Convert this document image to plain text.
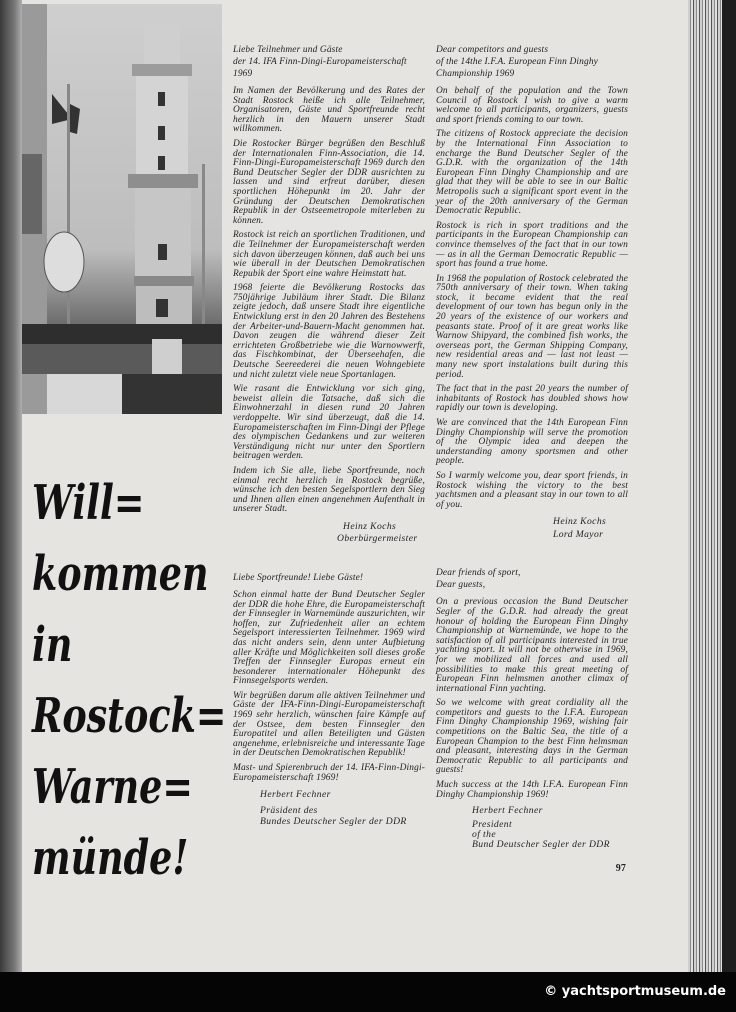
Will=
kommen
in
Rostock=
Warne=
münde!

Liebe Teilnehmer und Gäste
der 14. IFA Finn-Dingi-Europameisterschaft 1969

Im Namen der Bevölkerung und des Rates der Stadt Rostock heiße ich alle Teilnehmer, Organisatoren, Gäste und Sportfreunde recht herzlich in den Mauern unserer Stadt willkommen.

Die Rostocker Bürger begrüßen den Beschluß der Internationalen Finn-Association, die 14. Finn-Dingi-Europameisterschaft 1969 durch den Bund Deutscher Segler der DDR ausrichten zu lassen und sind erfreut darüber, diesen sportlichen Höhepunkt im 20. Jahr der Gründung der Deutschen Demokratischen Republik in der Ostseemetropole miterleben zu können.

Rostock ist reich an sportlichen Traditionen, und die Teilnehmer der Europameisterschaft werden sich davon überzeugen können, daß auch bei uns wie überall in der Deutschen Demokratischen Repubik der Sport eine wahre Heimstatt hat.

1968 feierte die Bevölkerung Rostocks das 750jährige Jubiläum ihrer Stadt. Die Bilanz zeigte jedoch, daß unsere Stadt ihre eigentliche Entwicklung erst in den 20 Jahren des Bestehens der Arbeiter-und-Bauern-Macht genommen hat. Davon zeugen die während dieser Zeit errichteten Großbetriebe wie die Warnowwerft, das Fischkombinat, der Überseehafen, die Deutsche Seereederei die neuen Wohngebiete und nicht zuletzt viele neue Sportanlagen.

Wie rasant die Entwicklung vor sich ging, beweist allein die Tatsache, daß sich die Einwohnerzahl in diesen rund 20 Jahren verdoppelte. Wir sind überzeugt, daß die 14. Europameisterschaften im Finn-Dingi der Pflege des olympischen Gedankens und zur weiteren Verständigung nicht nur unter den Sportlern beitragen werden.

Indem ich Sie alle, liebe Sportfreunde, noch einmal recht herzlich in Rostock begrüße, wünsche ich den besten Segelsportlern den Sieg und Ihnen allen einen angenehmen Aufenthalt in unserer Stadt.

Heinz Kochs
Oberbürgermeister

Liebe Sportfreunde! Liebe Gäste!

Schon einmal hatte der Bund Deutscher Segler der DDR die hohe Ehre, die Europameisterschaft der Finnsegler in Warnemünde auszurichten, wir hoffen, zur Zufriedenheit aller an echtem Segelsport interessierten Teilnehmer. 1969 wird das nicht anders sein, denn unter Aufbietung aller Kräfte und Möglichkeiten soll dieses große Treffen der Finnsegler Europas erneut ein besonderer internationaler Höhepunkt des Finnsegelsports werden.

Wir begrüßen darum alle aktiven Teilnehmer und Gäste der IFA-Finn-Dingi-Europameisterschaft 1969 sehr herzlich, wünschen faire Kämpfe auf der Ostsee, dem besten Finnsegler den Europatitel und allen Beteiligten und Gästen angenehme, erlebnisreiche und interessante Tage in der Deutschen Demokratischen Republik!

Mast- und Spierenbruch der 14. IFA-Finn-Dingi-Europameisterschaft 1969!

Herbert Fechner
Präsident des
Bundes Deutscher Segler der DDR

Dear competitors and guests
of the 14the I.F.A. European Finn Dinghy Championship 1969

On behalf of the population and the Town Council of Rostock I wish to give a warm welcome to all participants, organizers, guests and sport friends coming to our town.

The citizens of Rostock appreciate the decision by the International Finn Association to encharge the Bund Deutscher Segler of the G.D.R. with the organization of the 14th European Finn Dinghy Championship and are glad that they will be able to see in our Baltic Metropolis such a significant sport event in the year of the 20th anniversary of the German Democratic Republic.

Rostock is rich in sport traditions and the participants in the European Championship can convince themselves of the fact that in our town — as in all the German Democratic Republic — sport has found a true home.

In 1968 the population of Rostock celebrated the 750th anniversary of their town. When taking stock, it became evident that the real development of our town has begun only in the 20 years of the existence of our workers and peasants state. Proof of it are great works like Warnow Shipyard, the combined fish works, the overseas port, the German Shipping Company, new residential areas and — last not least — many new sport instalations built during this period.

The fact that in the past 20 years the number of inhabitants of Rostock has doubled shows how rapidly our town is developing.

We are convinced that the 14th European Finn Dinghy Championship will serve the promotion of the Olympic idea and deepen the understanding amony sportsmen and other people.

So I warmly welcome you, dear sport friends, in Rostock wishing the victory to the best yachtsmen and a pleasant stay in our town to all of you.

Heinz Kochs
Lord Mayor

Dear friends of sport,
Dear guests,

On a previous occasion the Bund Deutscher Segler of the G.D.R. had already the great honour of holding the European Finn Dinghy Championship at Warnemünde, we hope to the satisfaction of all participants interested in true yachting sport. It will not be otherwise in 1969, for we mobilized all forces and used all possibilities to make this great meeting of European Finn helmsmen another climax of international Finn yachting.

So we welcome with great cordiality all the competitors and guests to the I.F.A. European Finn Dinghy Championship 1969, wishing fair competitions on the Baltic Sea, the title of a European Champion to the best Finn helmsman and pleasant, interesting days in the German Democratic Republic to all participants and guests!

Much success at the 14th I.F.A. European Finn Dinghy Championship 1969!

Herbert Fechner
President
of the
Bund Deutscher Segler der DDR
97
© yachtsportmuseum.de
